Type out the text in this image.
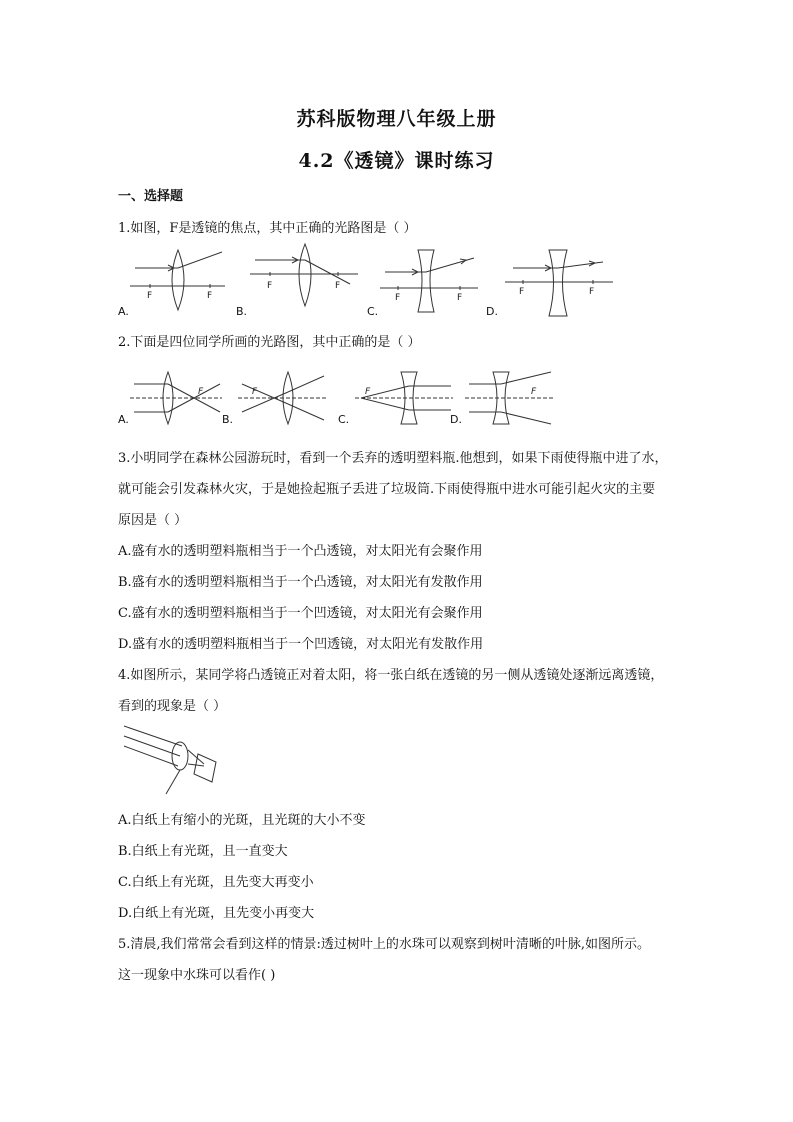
苏科版物理八年级上册
4.2《透镜》课时练习
一、选择题
1.如图，F是透镜的焦点，其中正确的光路图是（ ）
F	F
A.
F	F
B.
F	F
C.
F	F
D.
2.下面是四位同学所画的光路图，其中正确的是（ ）
F
A.
F
B.
F
C.
F
D.
3.小明同学在森林公园游玩时，看到一个丢弃的透明塑料瓶.他想到，如果下雨使得瓶中进了水，
就可能会引发森林火灾，于是她捡起瓶子丢进了垃圾筒.下雨使得瓶中进水可能引起火灾的主要
原因是（ ）
A.盛有水的透明塑料瓶相当于一个凸透镜，对太阳光有会聚作用
B.盛有水的透明塑料瓶相当于一个凸透镜，对太阳光有发散作用
C.盛有水的透明塑料瓶相当于一个凹透镜，对太阳光有会聚作用
D.盛有水的透明塑料瓶相当于一个凹透镜，对太阳光有发散作用
4.如图所示，某同学将凸透镜正对着太阳，将一张白纸在透镜的另一侧从透镜处逐渐远离透镜，
看到的现象是（ ）
A.白纸上有缩小的光斑，且光斑的大小不变
B.白纸上有光斑，且一直变大
C.白纸上有光斑，且先变大再变小
D.白纸上有光斑，且先变小再变大
5.清晨,我们常常会看到这样的情景:透过树叶上的水珠可以观察到树叶清晰的叶脉,如图所示。
这一现象中水珠可以看作( )
